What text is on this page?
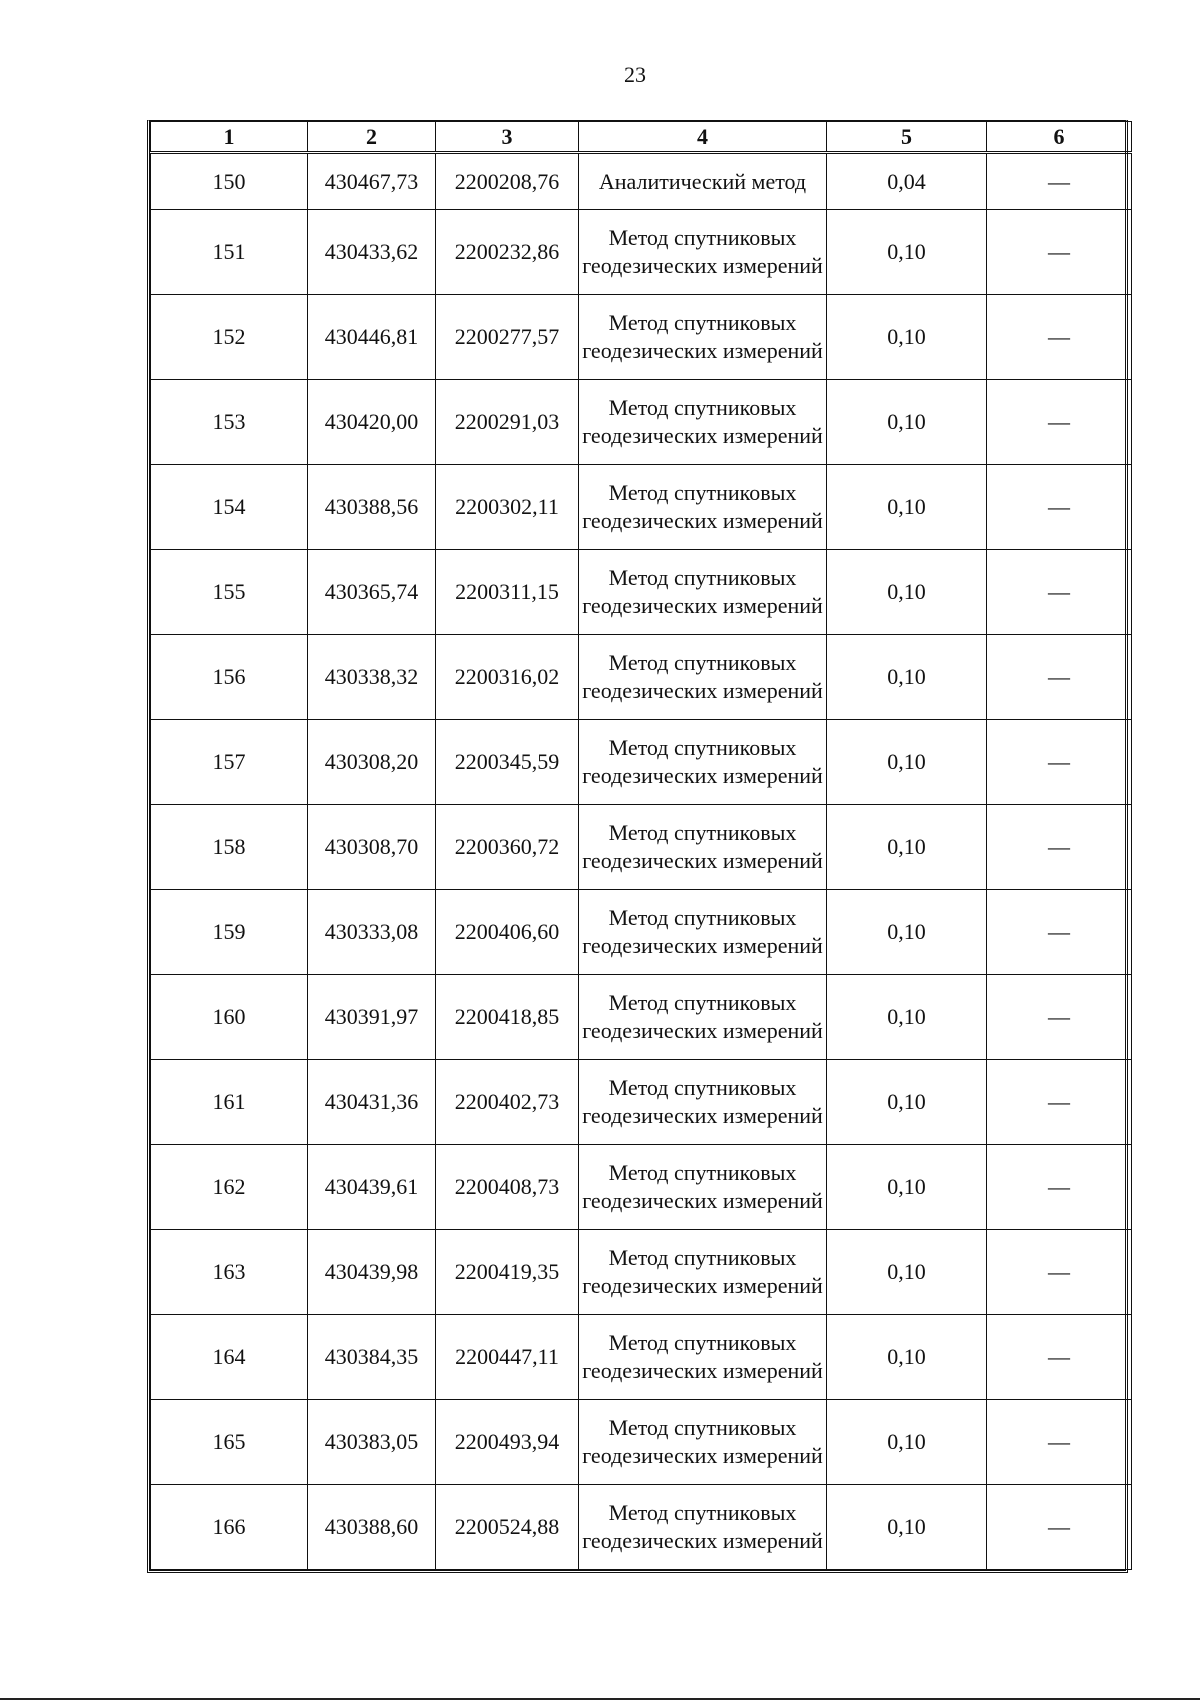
23
1	2	3	4	5	6
150	430467,73	2200208,76	Аналитический метод	0,04	—
151	430433,62	2200232,86	Метод спутниковых геодезических измерений	0,10	—
152	430446,81	2200277,57	Метод спутниковых геодезических измерений	0,10	—
153	430420,00	2200291,03	Метод спутниковых геодезических измерений	0,10	—
154	430388,56	2200302,11	Метод спутниковых геодезических измерений	0,10	—
155	430365,74	2200311,15	Метод спутниковых геодезических измерений	0,10	—
156	430338,32	2200316,02	Метод спутниковых геодезических измерений	0,10	—
157	430308,20	2200345,59	Метод спутниковых геодезических измерений	0,10	—
158	430308,70	2200360,72	Метод спутниковых геодезических измерений	0,10	—
159	430333,08	2200406,60	Метод спутниковых геодезических измерений	0,10	—
160	430391,97	2200418,85	Метод спутниковых геодезических измерений	0,10	—
161	430431,36	2200402,73	Метод спутниковых геодезических измерений	0,10	—
162	430439,61	2200408,73	Метод спутниковых геодезических измерений	0,10	—
163	430439,98	2200419,35	Метод спутниковых геодезических измерений	0,10	—
164	430384,35	2200447,11	Метод спутниковых геодезических измерений	0,10	—
165	430383,05	2200493,94	Метод спутниковых геодезических измерений	0,10	—
166	430388,60	2200524,88	Метод спутниковых геодезических измерений	0,10	—
